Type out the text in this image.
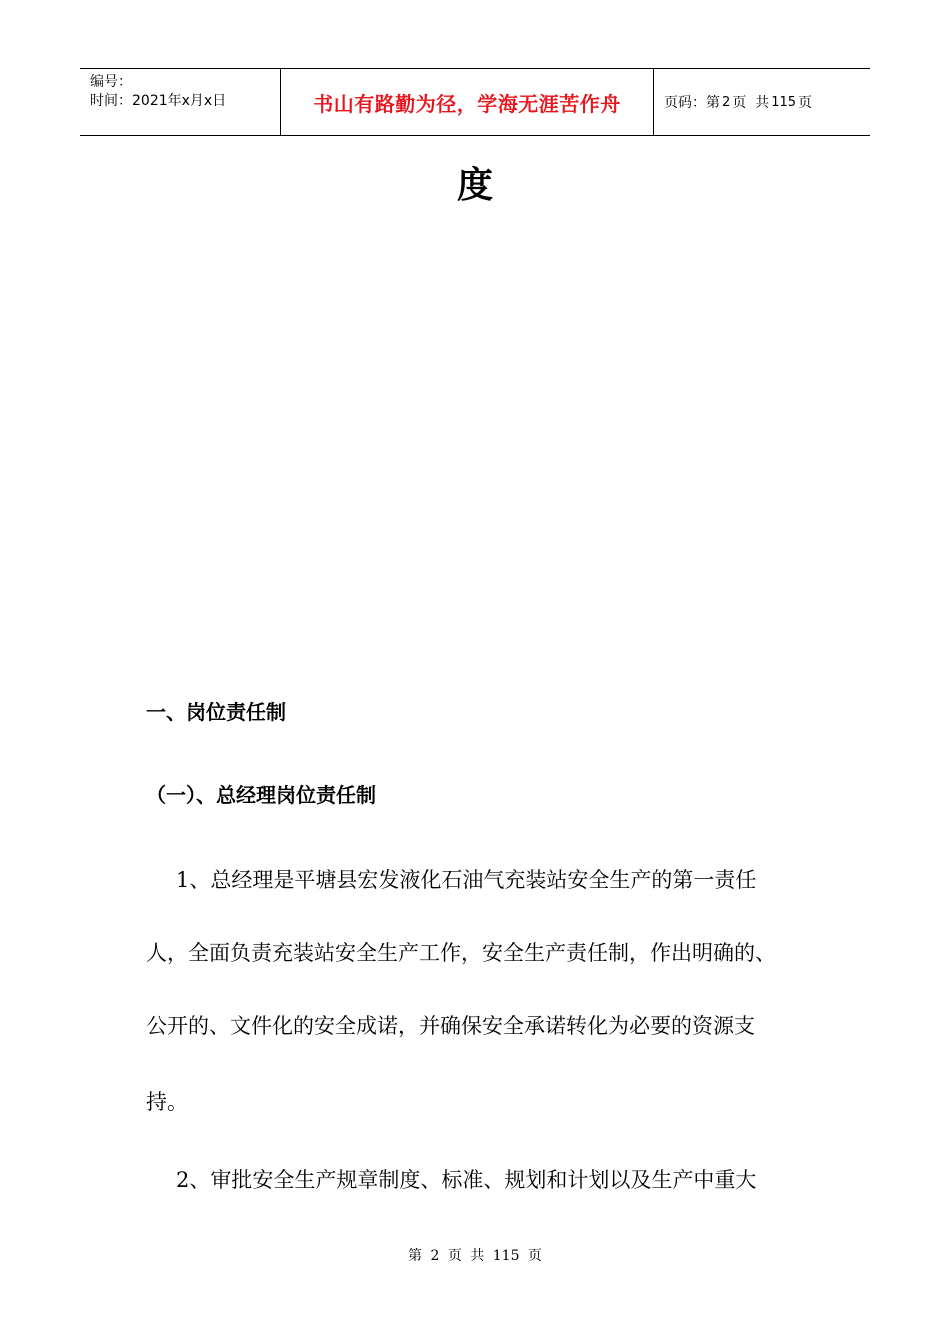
编号：
时间：2021年x月x日	书山有路勤为径，学海无涯苦作舟	页码：第 2 页  共 115 页
度
一、岗位责任制
（一）、总经理岗位责任制
1、总经理是平塘县宏发液化石油气充装站安全生产的第一责任
人，全面负责充装站安全生产工作，安全生产责任制，作出明确的、
公开的、文件化的安全成诺，并确保安全承诺转化为必要的资源支
持。
2、审批安全生产规章制度、标准、规划和计划以及生产中重大
第 2 页 共 115 页
